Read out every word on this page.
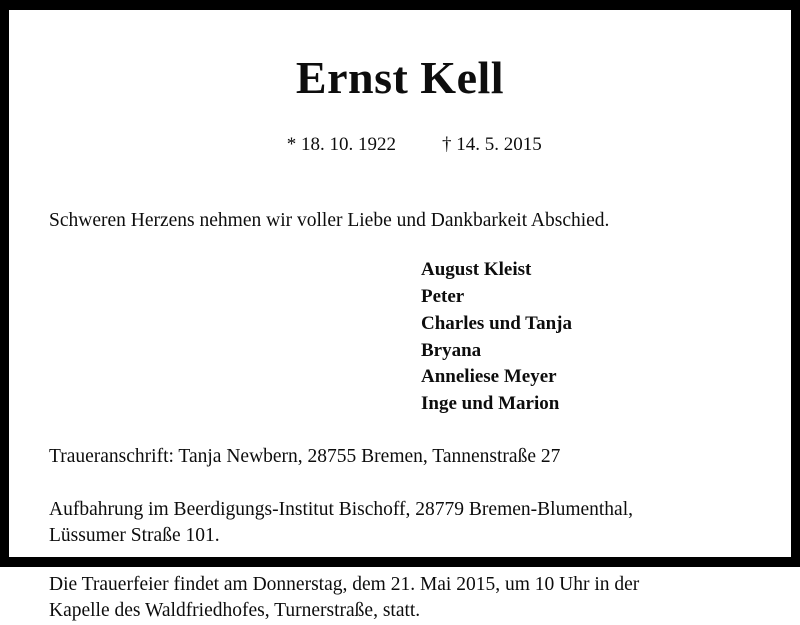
Ernst Kell

* 18. 10. 1922 † 14. 5. 2015

Schweren Herzens nehmen wir voller Liebe und Dankbarkeit Abschied.
August Kleist
Peter
Charles und Tanja
Bryana
Anneliese Meyer
Inge und Marion
Traueranschrift: Tanja Newbern, 28755 Bremen, Tannenstraße 27
Aufbahrung im Beerdigungs-Institut Bischoff, 28779 Bremen-Blumenthal,
Lüssumer Straße 101.
Die Trauerfeier findet am Donnerstag, dem 21. Mai 2015, um 10 Uhr in der
Kapelle des Waldfriedhofes, Turnerstraße, statt.
